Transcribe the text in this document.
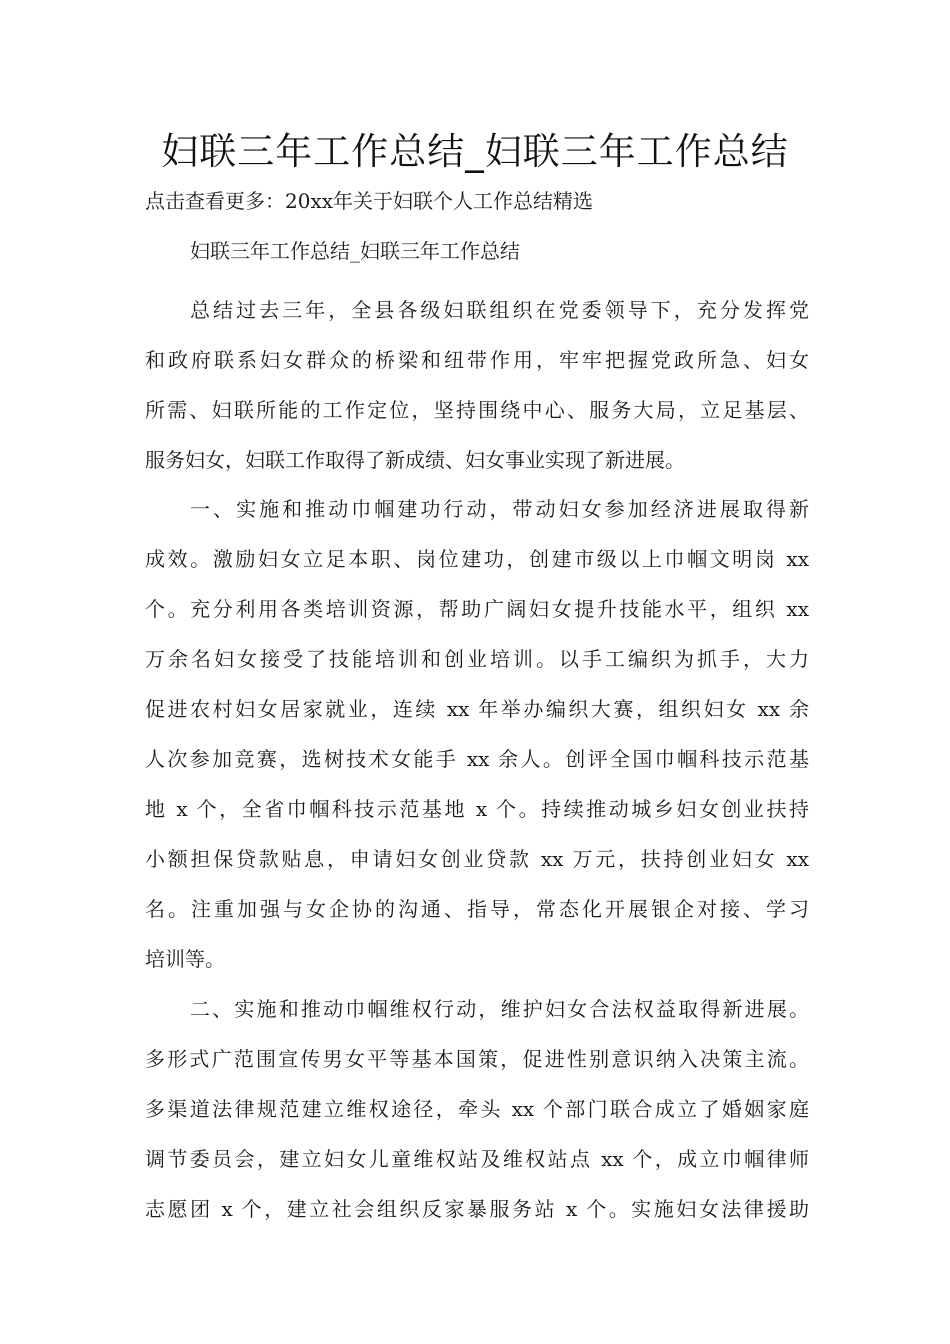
妇联三年工作总结_妇联三年工作总结
点击查看更多：20xx年关于妇联个人工作总结精选
妇联三年工作总结_妇联三年工作总结
总结过去三年，全县各级妇联组织在党委领导下，充分发挥党
和政府联系妇女群众的桥梁和纽带作用，牢牢把握党政所急、妇女
所需、妇联所能的工作定位，坚持围绕中心、服务大局，立足基层、
服务妇女，妇联工作取得了新成绩、妇女事业实现了新进展。
一、实施和推动巾帼建功行动，带动妇女参加经济进展取得新
成效。激励妇女立足本职、岗位建功，创建市级以上巾帼文明岗 xx
个。充分利用各类培训资源，帮助广阔妇女提升技能水平，组织 xx
万余名妇女接受了技能培训和创业培训。以手工编织为抓手，大力
促进农村妇女居家就业，连续 xx 年举办编织大赛，组织妇女 xx 余
人次参加竞赛，选树技术女能手 xx 余人。创评全国巾帼科技示范基
地 x 个，全省巾帼科技示范基地 x 个。持续推动城乡妇女创业扶持
小额担保贷款贴息，申请妇女创业贷款 xx 万元，扶持创业妇女 xx
名。注重加强与女企协的沟通、指导，常态化开展银企对接、学习
培训等。
二、实施和推动巾帼维权行动，维护妇女合法权益取得新进展。
多形式广范围宣传男女平等基本国策，促进性别意识纳入决策主流。
多渠道法律规范建立维权途径，牵头 xx 个部门联合成立了婚姻家庭
调节委员会，建立妇女儿童维权站及维权站点 xx 个，成立巾帼律师
志愿团 x 个，建立社会组织反家暴服务站 x 个。实施妇女法律援助
